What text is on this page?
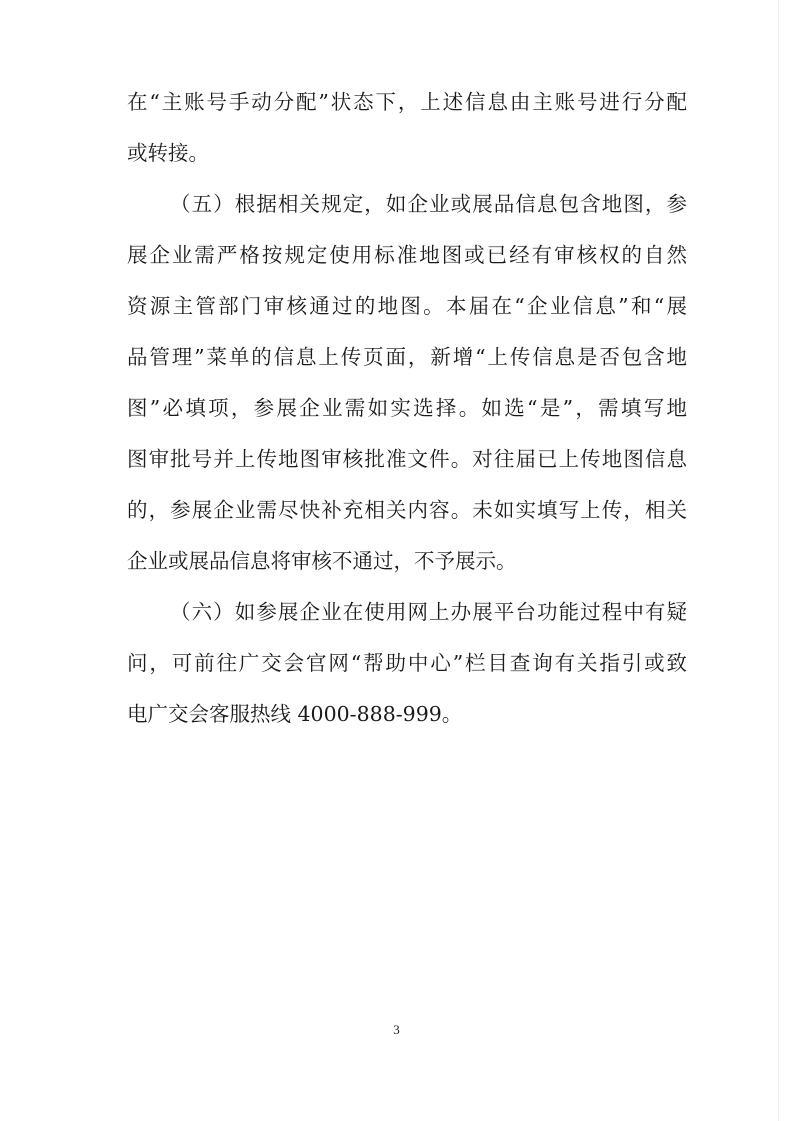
在“主账号手动分配”状态下，上述信息由主账号进行分配
或转接。
（五）根据相关规定，如企业或展品信息包含地图，参
展企业需严格按规定使用标准地图或已经有审核权的自然
资源主管部门审核通过的地图。本届在“企业信息”和“展
品管理”菜单的信息上传页面，新增“上传信息是否包含地
图”必填项，参展企业需如实选择。如选“是”，需填写地
图审批号并上传地图审核批准文件。对往届已上传地图信息
的，参展企业需尽快补充相关内容。未如实填写上传，相关
企业或展品信息将审核不通过，不予展示。
（六）如参展企业在使用网上办展平台功能过程中有疑
问，可前往广交会官网“帮助中心”栏目查询有关指引或致
电广交会客服热线 4000-888-999。
3
